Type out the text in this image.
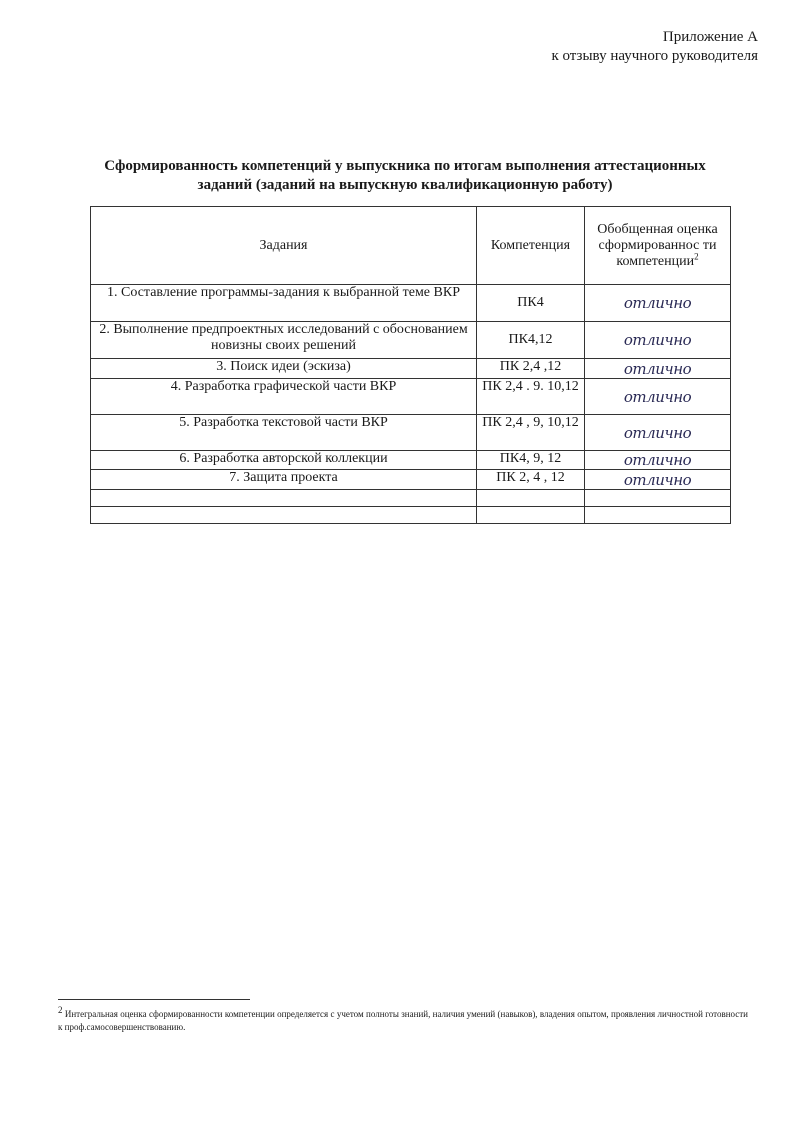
Приложение А
к отзыву научного руководителя
Сформированность компетенций у выпускника по итогам выполнения аттестационных
заданий (заданий на выпускную квалификационную работу)
Задания	Компетенция	Обобщенная оценка сформированнос ти компетенции$^2$
1. Составление программы-задания к выбранной теме ВКР	ПК4	отлично
2. Выполнение предпроектных исследований с обоснованием новизны своих решений	ПК4,12	отлично
3. Поиск идеи (эскиза)	ПК 2,4 ,12	отлично
4. Разработка графической части ВКР	ПК 2,4 . 9. 10,12	отлично
5. Разработка текстовой части ВКР	ПК 2,4 , 9, 10,12	отлично
6. Разработка авторской коллекции	ПК4, 9, 12	отлично
7. Защита проекта	ПК 2, 4 , 12	отлично

$^2$ Интегральная оценка сформированности компетенции определяется с учетом полноты знаний, наличия умений (навыков), владения опытом, проявления личностной готовности к проф.самосовершенствованию.
